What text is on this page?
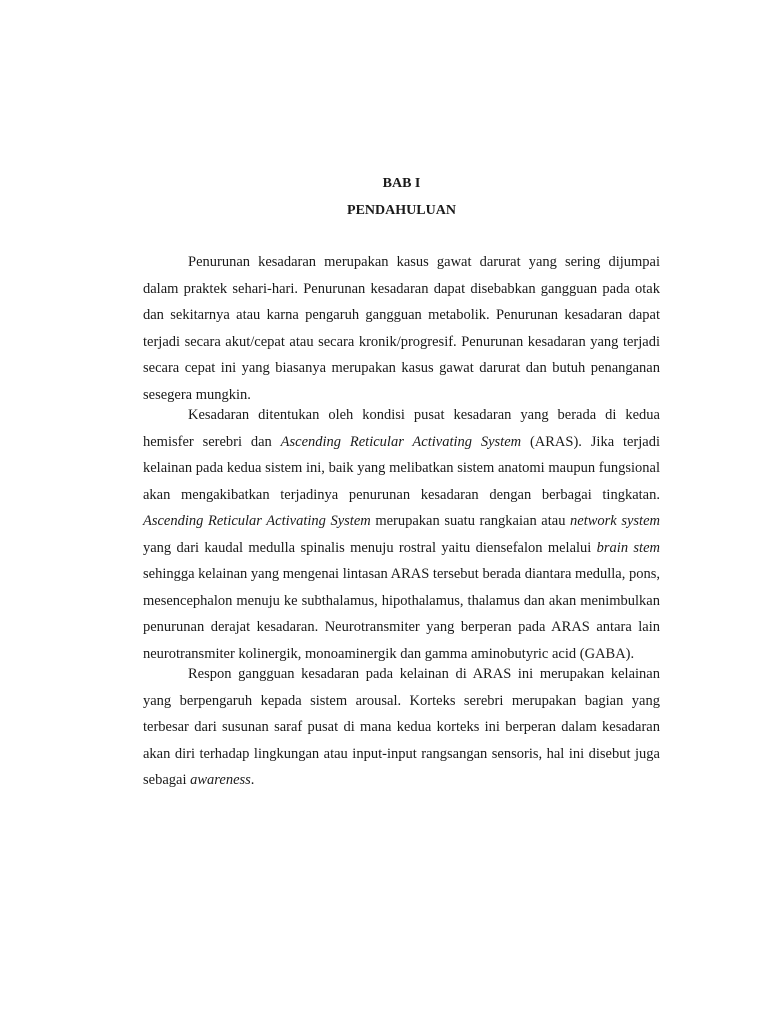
BAB I

PENDAHULUAN

Penurunan kesadaran merupakan kasus gawat darurat yang sering dijumpai dalam praktek sehari-hari. Penurunan kesadaran dapat disebabkan gangguan pada otak dan sekitarnya atau karna pengaruh gangguan metabolik. Penurunan kesadaran dapat terjadi secara akut/cepat atau secara kronik/progresif. Penurunan kesadaran yang terjadi secara cepat ini yang biasanya merupakan kasus gawat darurat dan butuh penanganan sesegera mungkin.

Kesadaran ditentukan oleh kondisi pusat kesadaran yang berada di kedua hemisfer serebri dan Ascending Reticular Activating System (ARAS). Jika terjadi kelainan pada kedua sistem ini, baik yang melibatkan sistem anatomi maupun fungsional akan mengakibatkan terjadinya penurunan kesadaran dengan berbagai tingkatan. Ascending Reticular Activating System merupakan suatu rangkaian atau network system yang dari kaudal medulla spinalis menuju rostral yaitu diensefalon melalui brain stem sehingga kelainan yang mengenai lintasan ARAS tersebut berada diantara medulla, pons, mesencephalon menuju ke subthalamus, hipothalamus, thalamus dan akan menimbulkan penurunan derajat kesadaran. Neurotransmiter yang berperan pada ARAS antara lain neurotransmiter kolinergik, monoaminergik dan gamma aminobutyric acid (GABA).

Respon gangguan kesadaran pada kelainan di ARAS ini merupakan kelainan yang berpengaruh kepada sistem arousal. Korteks serebri merupakan bagian yang terbesar dari susunan saraf pusat di mana kedua korteks ini berperan dalam kesadaran akan diri terhadap lingkungan atau input-input rangsangan sensoris, hal ini disebut juga sebagai awareness.
